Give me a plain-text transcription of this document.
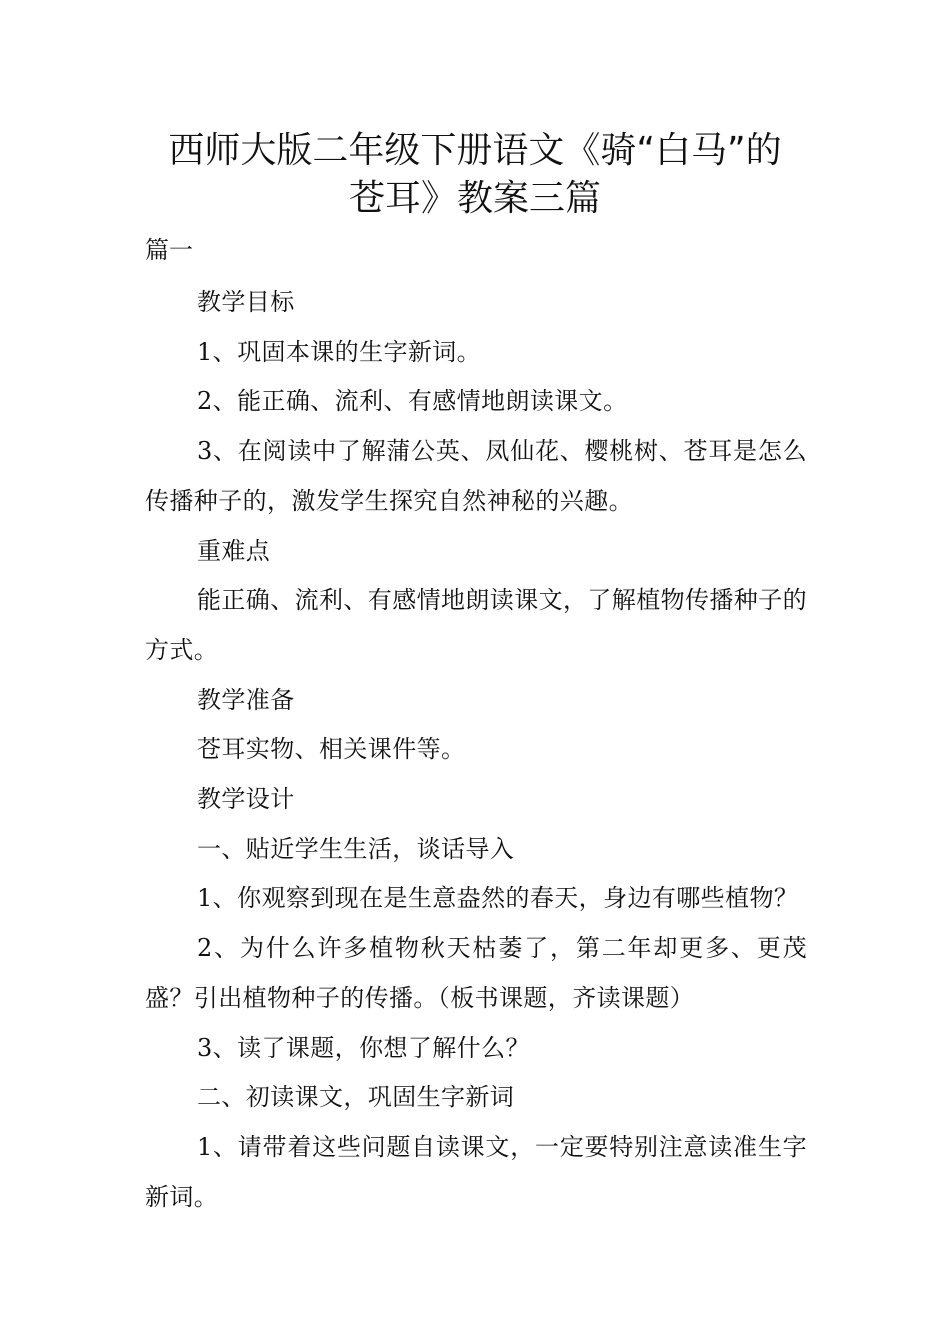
西师大版二年级下册语文《骑“白马”的
苍耳》教案三篇

篇一

教学目标

1、巩固本课的生字新词。

2、能正确、流利、有感情地朗读课文。

3、在阅读中了解蒲公英、凤仙花、樱桃树、苍耳是怎么传播种子的，激发学生探究自然神秘的兴趣。

重难点

能正确、流利、有感情地朗读课文，了解植物传播种子的方式。

教学准备

苍耳实物、相关课件等。

教学设计

一、贴近学生生活，谈话导入

1、你观察到现在是生意盎然的春天，身边有哪些植物？

2、为什么许多植物秋天枯萎了，第二年却更多、更茂盛？引出植物种子的传播。（板书课题，齐读课题）

3、读了课题，你想了解什么？

二、初读课文，巩固生字新词

1、请带着这些问题自读课文，一定要特别注意读准生字新词。
